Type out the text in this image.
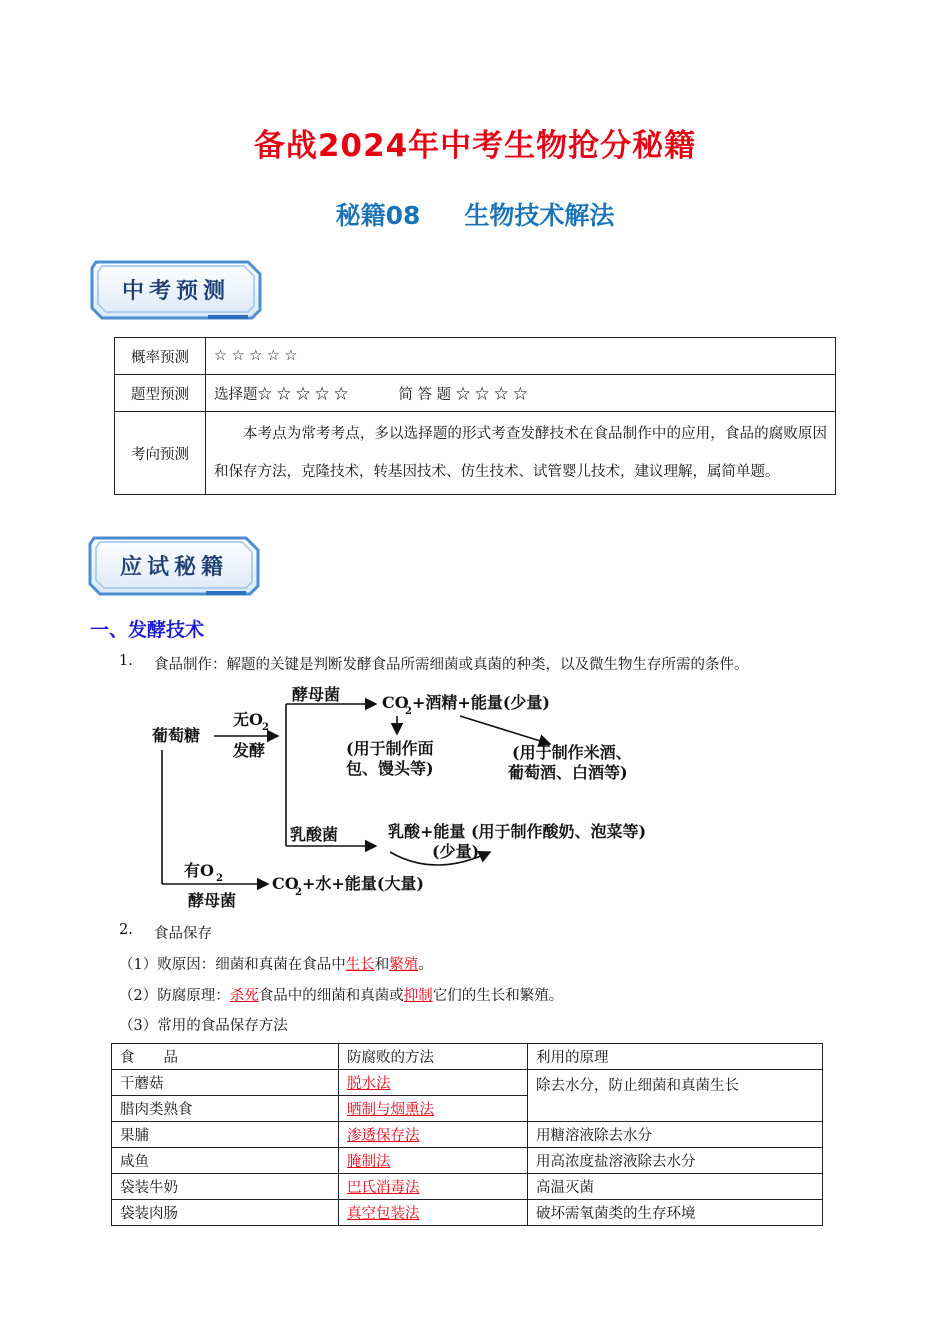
备战2024年中考生物抢分秘籍
秘籍08 生物技术解法
中考预测
概率预测	☆ ☆ ☆ ☆ ☆
题型预测	选择题☆ ☆ ☆ ☆ ☆ 简 答 题 ☆ ☆ ☆ ☆
考向预测	本考点为常考考点，多以选择题的形式考查发酵技术在食品制作中的应用，食品的腐败原因和保存方法，克隆技术，转基因技术、仿生技术、试管婴儿技术，建议理解，属简单题。
应试秘籍
一、发酵技术
1. 食品制作：解题的关键是判断发酵食品所需细菌或真菌的种类，以及微生物生存所需的条件。
葡萄糖
无O 2
发酵
酵母菌	CO
2 +酒精+能量(少量)
(用于制作面
包、馒头等)
(用于制作米酒、
葡萄酒、白酒等)
乳酸菌	乳酸+能量 (用于制作酸奶、泡菜等)
(少量)
有O 2
酵母菌
CO
2 +水+能量(大量)
2. 食品保存
（1）败原因：细菌和真菌在食品中生长和繁殖。
（2）防腐原理：杀死食品中的细菌和真菌或抑制它们的生长和繁殖。
（3）常用的食品保存方法
食　　品	防腐败的方法	利用的原理
干蘑菇	脱水法	除去水分，防止细菌和真菌生长
腊肉类熟食	晒制与烟熏法	
果脯	渗透保存法	用糖溶液除去水分
咸鱼	腌制法	用高浓度盐溶液除去水分
袋装牛奶	巴氏消毒法	高温灭菌
袋装肉肠	真空包装法	破坏需氧菌类的生存环境
